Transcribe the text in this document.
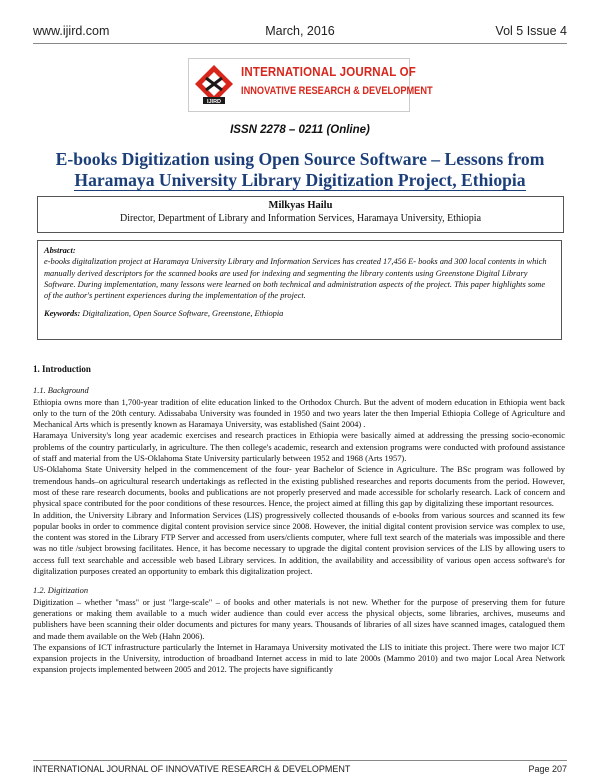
www.ijird.com	March, 2016	Vol 5 Issue 4
IJIRD
INTERNATIONAL JOURNAL OF
INNOVATIVE RESEARCH & DEVELOPMENT
ISSN 2278 – 0211 (Online)
E-books Digitization using Open Source Software – Lessons from
Haramaya University Library Digitization Project, Ethiopia
Milkyas Hailu
Director, Department of Library and Information Services, Haramaya University, Ethiopia

Abstract:

e-books digitalization project at Haramaya University Library and Information Services has created 17,456 E- books and 300 local contents in which manually derived descriptors for the scanned books are used for indexing and segmenting the library contents using Greenstone Digital Library Software. During implementation, many lessons were learned on both technical and administration aspects of the project. This paper highlights some of the author's pertinent experiences during the implementation of the project.

Keywords: Digitalization, Open Source Software, Greenstone, Ethiopia

1. Introduction

1.1. Background

Ethiopia owns more than 1,700-year tradition of elite education linked to the Orthodox Church. But the advent of modern education in Ethiopia went back only to the turn of the 20th century. Adissababa University was founded in 1950 and two years later the then Imperial Ethiopia College of Agriculture and Mechanical Arts which is presently known as Haramaya University, was established (Saint 2004) .

Haramaya University's long year academic exercises and research practices in Ethiopia were basically aimed at addressing the pressing socio-economic problems of the country particularly, in agriculture. The then college's academic, research and extension programs were conducted with profound assistance of staff and material from the US-Oklahoma State University particularly between 1952 and 1968 (Arts 1957).

US-Oklahoma State University helped in the commencement of the four- year Bachelor of Science in Agriculture. The BSc program was followed by tremendous hands–on agricultural research undertakings as reflected in the existing published researches and reports documents from the period. However, most of these rare research documents, books and publications are not properly preserved and made accessible for scholarly research. Lack of concern and physical space contributed for the poor conditions of these resources. Hence, the project aimed at filling this gap by digitalizing these important resources.

In addition, the University Library and Information Services (LIS) progressively collected thousands of e-books from various sources and scanned its few popular books in order to commence digital content provision service since 2008. However, the initial digital content provision service was complex to use, the content was stored in the Library FTP Server and accessed from users/clients computer, where full text search of the materials was impossible and there was no title /subject browsing facilitates. Hence, it has become necessary to upgrade the digital content provision services of the LIS by allowing users to access full text searchable and accessible web based Library services. In addition, the availability and accessibility of various open access software's for digitalization purposes created an opportunity to embark this digitalization project.

1.2. Digitization

Digitization – whether "mass" or just "large-scale" – of books and other materials is not new. Whether for the purpose of preserving them for future generations or making them available to a much wider audience than could ever access the physical objects, some libraries, archives, museums and publishers have been scanning their older documents and pictures for many years. Thousands of libraries of all sizes have scanned images, catalogued them and made them available on the Web (Hahn 2006).

The expansions of ICT infrastructure particularly the Internet in Haramaya University motivated the LIS to initiate this project. There were two major ICT expansion projects in the University, introduction of broadband Internet access in mid to late 2000s (Mammo 2010) and two major Local Area Network expansion projects implemented between 2005 and 2012. The projects have significantly

INTERNATIONAL JOURNAL OF INNOVATIVE RESEARCH & DEVELOPMENT	Page 207
